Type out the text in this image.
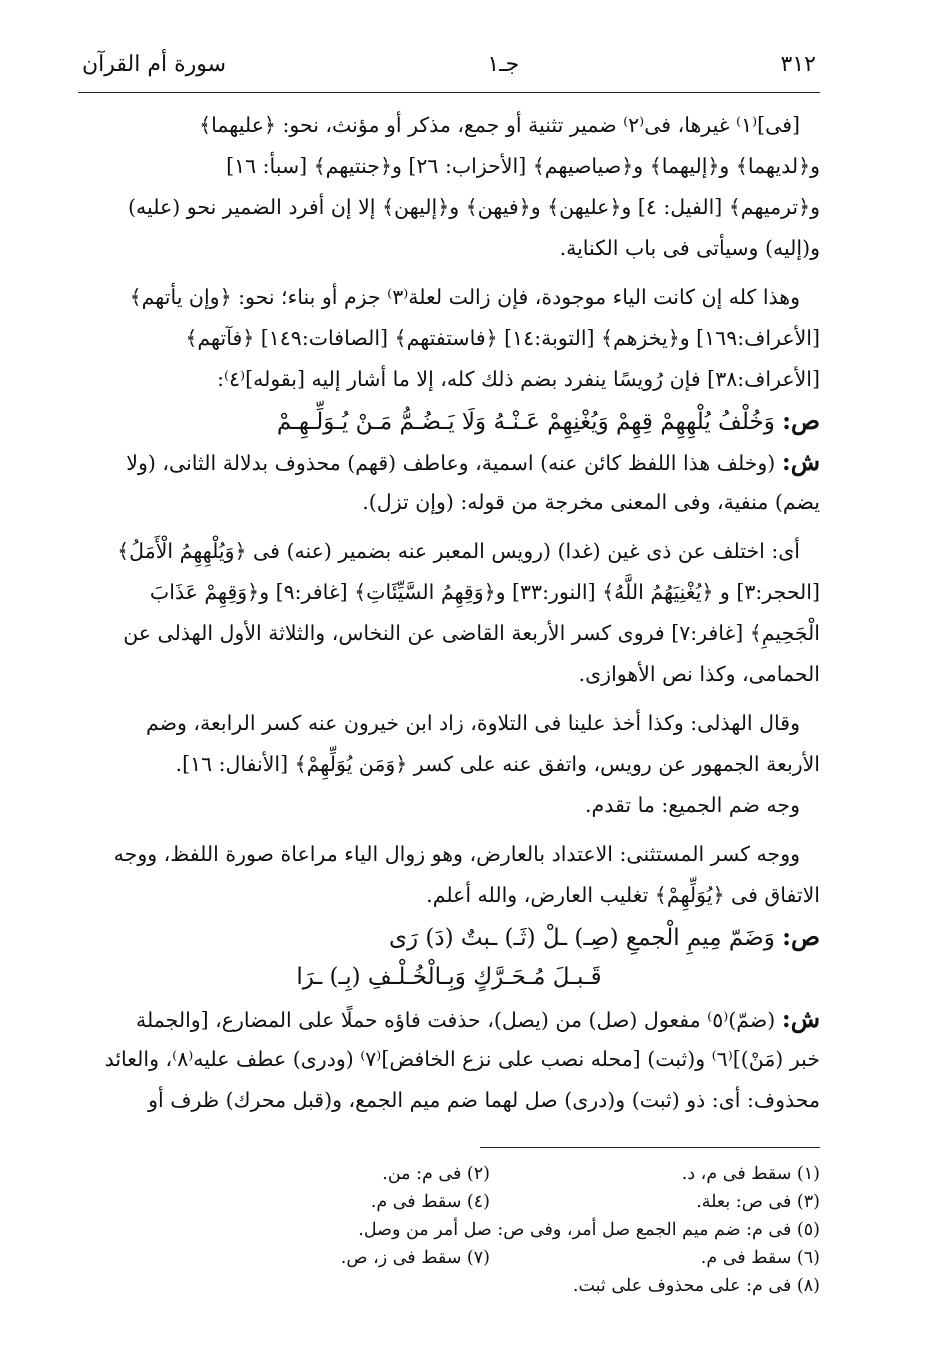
٣١٢
جـ١
سورة أم القرآن
[فى]⁽١⁾ غيرها، فى⁽٢⁾ ضمير تثنية أو جمع، مذكر أو مؤنث، نحو: ﴿عليهما﴾
و﴿لديهما﴾ و﴿إليهما﴾ و﴿صياصيهم﴾ [الأحزاب: ٢٦] و﴿جنتيهم﴾ [سبأ: ١٦]
و﴿ترميهم﴾ [الفيل: ٤] و﴿عليهن﴾ و﴿فيهن﴾ و﴿إليهن﴾ إلا إن أفرد الضمير نحو (عليه)
و(إليه) وسيأتى فى باب الكناية.
وهذا كله إن كانت الياء موجودة، فإن زالت لعلة⁽٣⁾ جزم أو بناء؛ نحو: ﴿وإن يأتهم﴾
[الأعراف:١٦٩] و﴿يخزهم﴾ [التوبة:١٤] ﴿فاستفتهم﴾ [الصافات:١٤٩] ﴿فآتهم﴾
[الأعراف:٣٨] فإن رُويسًا ينفرد بضم ذلك كله، إلا ما أشار إليه [بقوله]⁽٤⁾:
ص: وَخُلْفُ يُلْهِهِمْ قِهِمْ وَيُغْنِهِمْ عَـنْـهُ وَلَا يَـضُـمُّ مَـنْ يُـوَلِّـهِـمْ
ش: (وخلف هذا اللفظ كائن عنه) اسمية، وعاطف (قهم) محذوف بدلالة الثانى، (ولا
يضم) منفية، وفى المعنى مخرجة من قوله: (وإن تزل).
أى: اختلف عن ذى غين (غدا) (رويس المعبر عنه بضمير (عنه) فى ﴿وَيُلْهِهِمُ الْأَمَلُ﴾
[الحجر:٣] و ﴿يُغْنِيَهُمُ اللَّهُ﴾ [النور:٣٣] و﴿وَقِهِمُ السَّيِّئَاتِ﴾ [غافر:٩] و﴿وَقِهِمْ عَذَابَ
الْجَحِيمِ﴾ [غافر:٧] فروى كسر الأربعة القاضى عن النخاس، والثلاثة الأول الهذلى عن
الحمامى، وكذا نص الأهوازى.
وقال الهذلى: وكذا أخذ علينا فى التلاوة، زاد ابن خيرون عنه كسر الرابعة، وضم
الأربعة الجمهور عن رويس، واتفق عنه على كسر ﴿وَمَن يُوَلِّهِمْ﴾ [الأنفال: ١٦].
وجه ضم الجميع: ما تقدم.
ووجه كسر المستثنى: الاعتداد بالعارض، وهو زوال الياء مراعاة صورة اللفظ، ووجه
الاتفاق فى ﴿يُوَلِّهِمْ﴾ تغليب العارض، والله أعلم.
ص: وَضَمّ مِيمِ الْجمعِ (صِـ) ـلْ (ثَـ) ـبتٌ (دَ) رَى
قَـبـلَ مُـحَـرَّكٍ وَبِـالْخُـلْـفِ (بِـ) ـرَا
ش: (ضمّ)⁽٥⁾ مفعول (صل) من (يصل)، حذفت فاؤه حملًا على المضارع، [والجملة
خبر (مَنْ)]⁽٦⁾ و(ثبت) [محله نصب على نزع الخافض]⁽٧⁾ (ودرى) عطف عليه⁽٨⁾، والعائد
محذوف: أى: ذو (ثبت) و(درى) صل لهما ضم ميم الجمع، و(قبل محرك) ظرف أو
(١) سقط فى م، د.
(٢) فى م: من.
(٣) فى ص: بعلة.
(٤) سقط فى م.
(٥) فى م: ضم ميم الجمع صل أمر، وفى ص: صل أمر من وصل.
(٦) سقط فى م.
(٧) سقط فى ز، ص.
(٨) فى م: على محذوف على ثبت.
